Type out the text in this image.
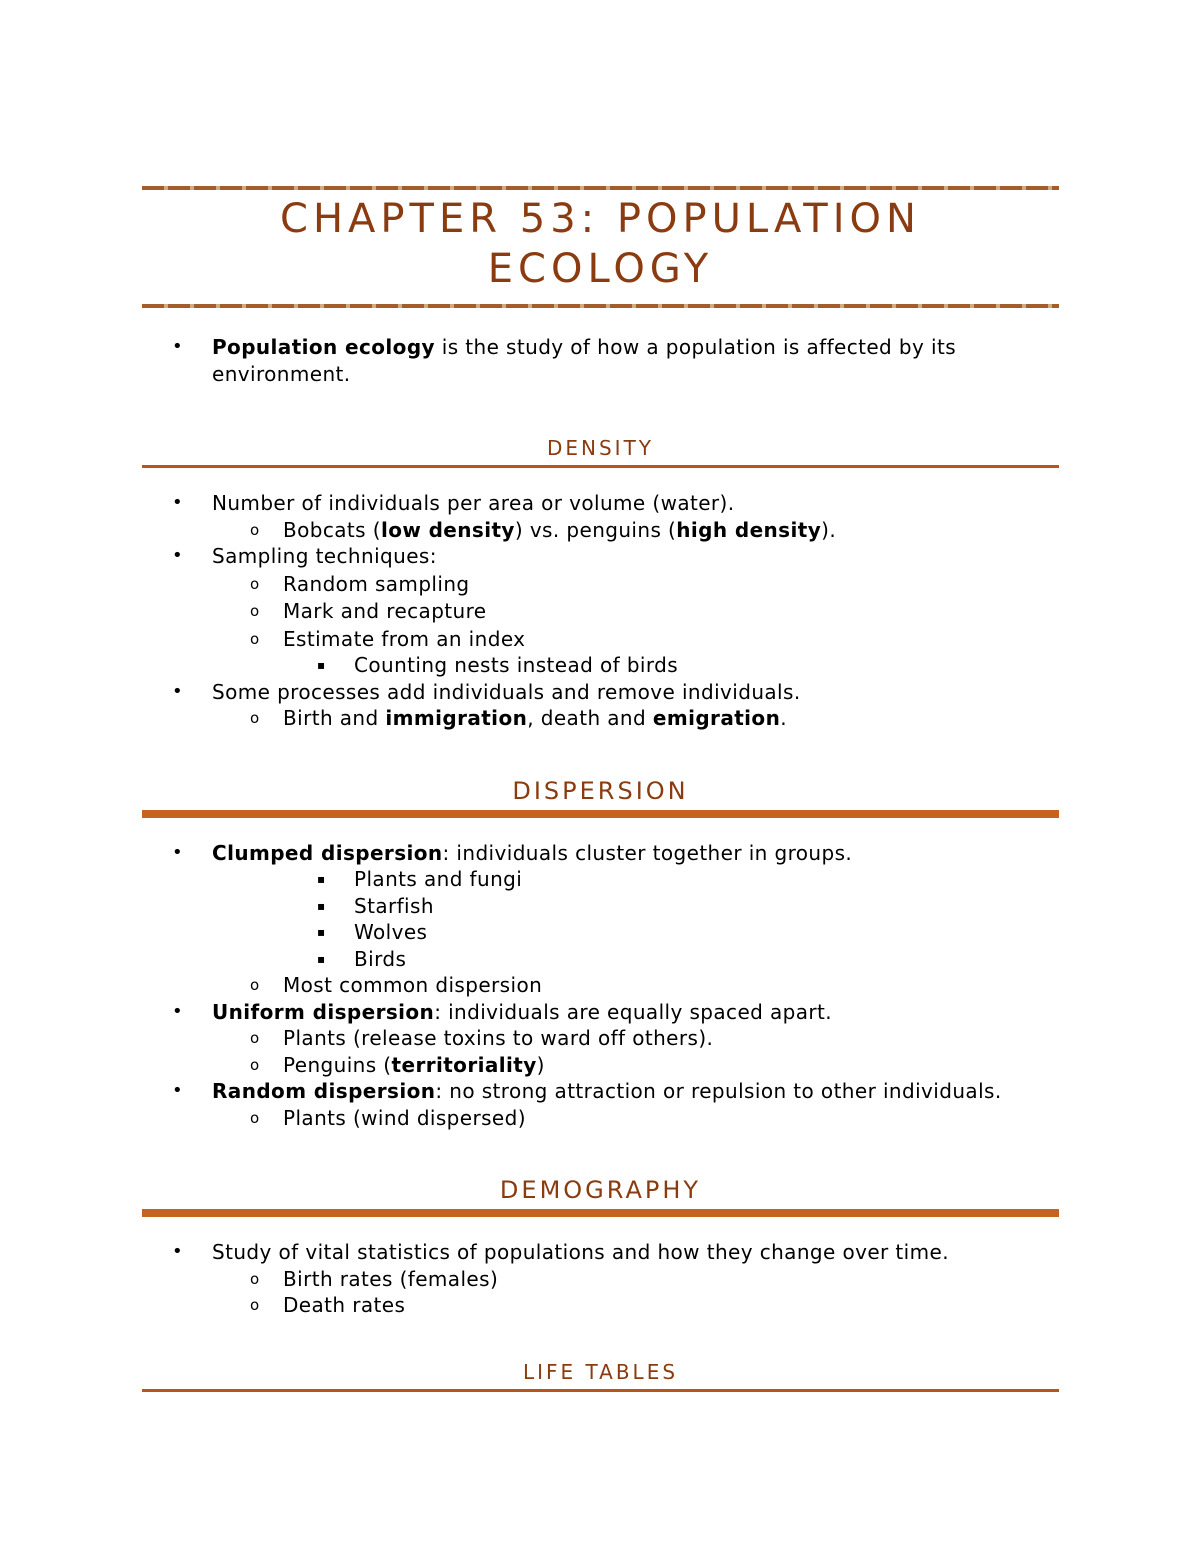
CHAPTER 53: POPULATION
ECOLOGY
• Population ecology is the study of how a population is affected by its
environment.
DENSITY
• Number of individuals per area or volume (water).
o Bobcats (low density) vs. penguins (high density).
• Sampling techniques:
o Random sampling
o Mark and recapture
o Estimate from an index
▪ Counting nests instead of birds
• Some processes add individuals and remove individuals.
o Birth and immigration, death and emigration.
DISPERSION
• Clumped dispersion: individuals cluster together in groups.
▪ Plants and fungi
▪ Starfish
▪ Wolves
▪ Birds
o Most common dispersion
• Uniform dispersion: individuals are equally spaced apart.
o Plants (release toxins to ward off others).
o Penguins (territoriality)
• Random dispersion: no strong attraction or repulsion to other individuals.
o Plants (wind dispersed)
DEMOGRAPHY
• Study of vital statistics of populations and how they change over time.
o Birth rates (females)
o Death rates
LIFE TABLES
